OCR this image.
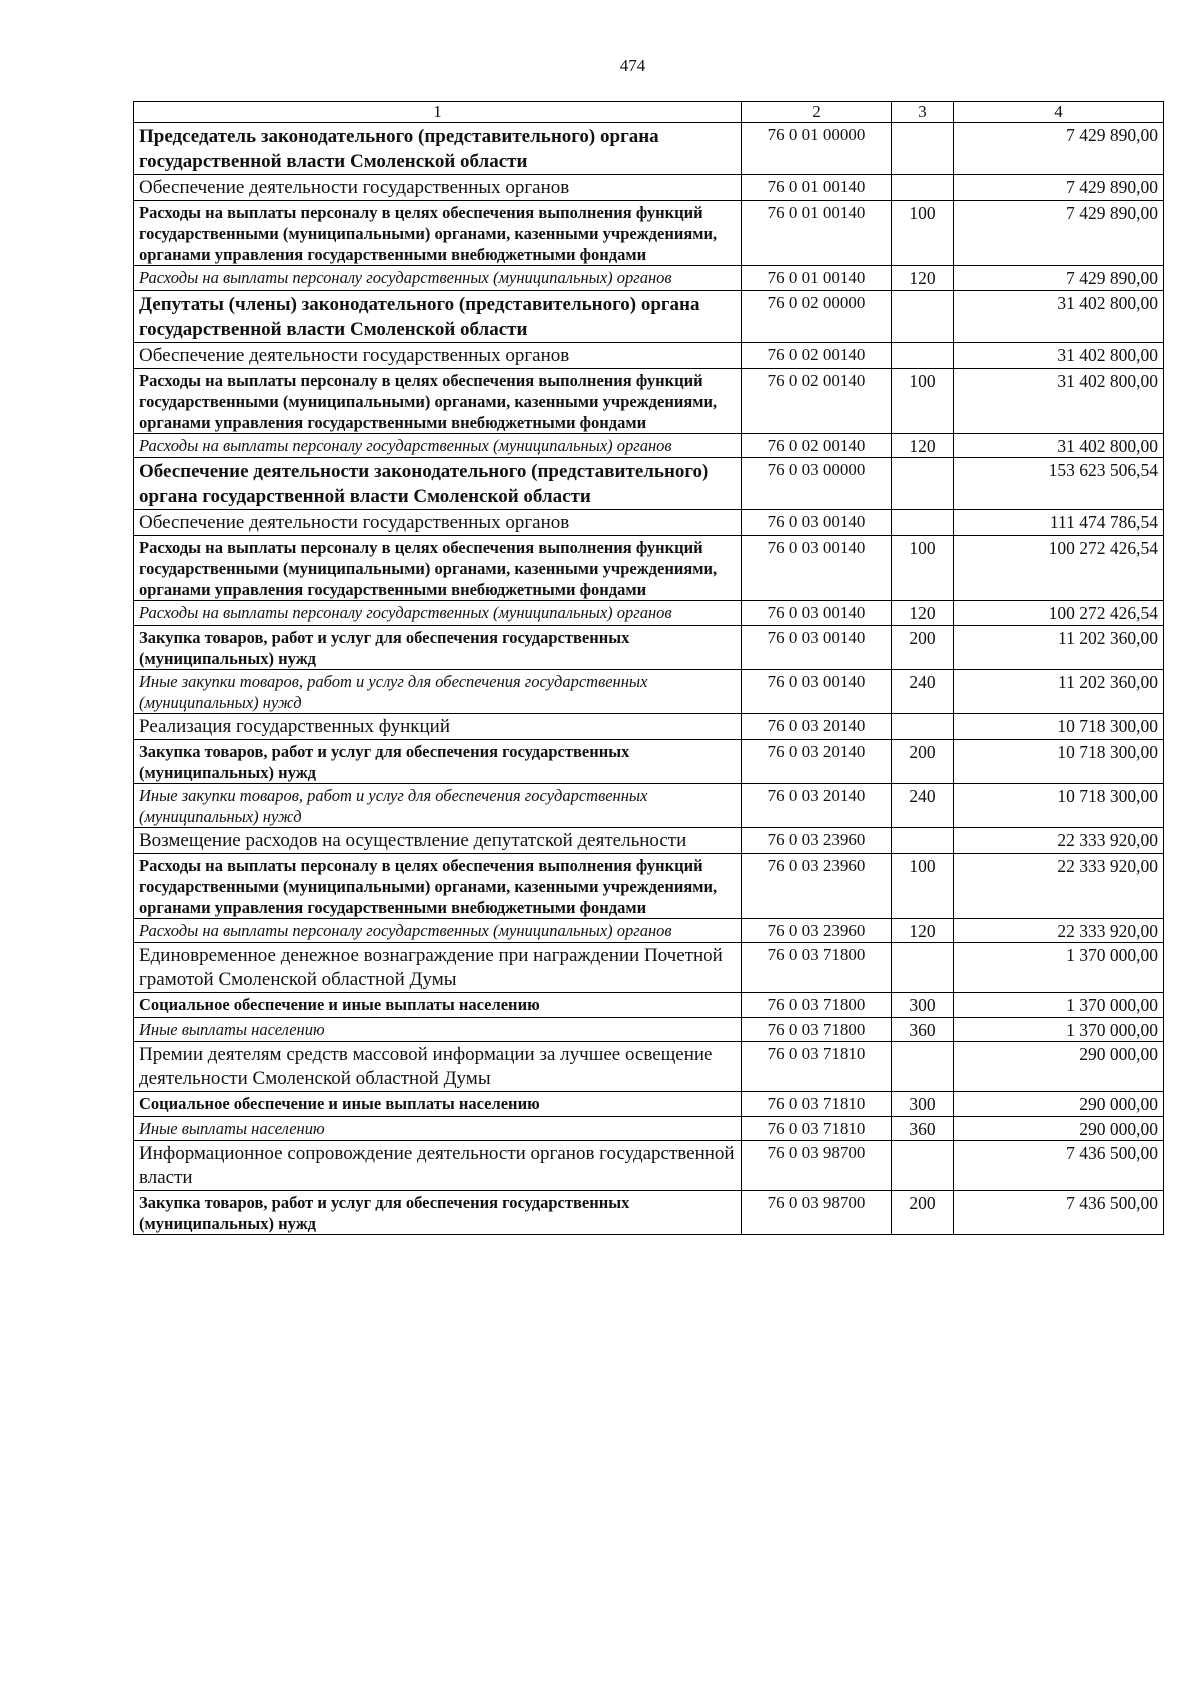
474
1	2	3	4
Председатель законодательного (представительного) органа государственной власти Смоленской области	76 0 01 00000		7 429 890,00
Обеспечение деятельности государственных органов	76 0 01 00140		7 429 890,00
Расходы на выплаты персоналу в целях обеспечения выполнения функций государственными (муниципальными) органами, казенными учреждениями, органами управления государственными внебюджетными фондами	76 0 01 00140	100	7 429 890,00
Расходы на выплаты персоналу государственных (муниципальных) органов	76 0 01 00140	120	7 429 890,00
Депутаты (члены) законодательного (представительного) органа государственной власти Смоленской области	76 0 02 00000		31 402 800,00
Обеспечение деятельности государственных органов	76 0 02 00140		31 402 800,00
Расходы на выплаты персоналу в целях обеспечения выполнения функций государственными (муниципальными) органами, казенными учреждениями, органами управления государственными внебюджетными фондами	76 0 02 00140	100	31 402 800,00
Расходы на выплаты персоналу государственных (муниципальных) органов	76 0 02 00140	120	31 402 800,00
Обеспечение деятельности законодательного (представительного) органа государственной власти Смоленской области	76 0 03 00000		153 623 506,54
Обеспечение деятельности государственных органов	76 0 03 00140		111 474 786,54
Расходы на выплаты персоналу в целях обеспечения выполнения функций государственными (муниципальными) органами, казенными учреждениями, органами управления государственными внебюджетными фондами	76 0 03 00140	100	100 272 426,54
Расходы на выплаты персоналу государственных (муниципальных) органов	76 0 03 00140	120	100 272 426,54
Закупка товаров, работ и услуг для обеспечения государственных (муниципальных) нужд	76 0 03 00140	200	11 202 360,00
Иные закупки товаров, работ и услуг для обеспечения государственных (муниципальных) нужд	76 0 03 00140	240	11 202 360,00
Реализация государственных функций	76 0 03 20140		10 718 300,00
Закупка товаров, работ и услуг для обеспечения государственных (муниципальных) нужд	76 0 03 20140	200	10 718 300,00
Иные закупки товаров, работ и услуг для обеспечения государственных (муниципальных) нужд	76 0 03 20140	240	10 718 300,00
Возмещение расходов на осуществление депутатской деятельности	76 0 03 23960		22 333 920,00
Расходы на выплаты персоналу в целях обеспечения выполнения функций государственными (муниципальными) органами, казенными учреждениями, органами управления государственными внебюджетными фондами	76 0 03 23960	100	22 333 920,00
Расходы на выплаты персоналу государственных (муниципальных) органов	76 0 03 23960	120	22 333 920,00
Единовременное денежное вознаграждение при награждении Почетной грамотой Смоленской областной Думы	76 0 03 71800		1 370 000,00
Социальное обеспечение и иные выплаты населению	76 0 03 71800	300	1 370 000,00
Иные выплаты населению	76 0 03 71800	360	1 370 000,00
Премии деятелям средств массовой информации за лучшее освещение деятельности Смоленской областной Думы	76 0 03 71810		290 000,00
Социальное обеспечение и иные выплаты населению	76 0 03 71810	300	290 000,00
Иные выплаты населению	76 0 03 71810	360	290 000,00
Информационное сопровождение деятельности органов государственной власти	76 0 03 98700		7 436 500,00
Закупка товаров, работ и услуг для обеспечения государственных (муниципальных) нужд	76 0 03 98700	200	7 436 500,00
